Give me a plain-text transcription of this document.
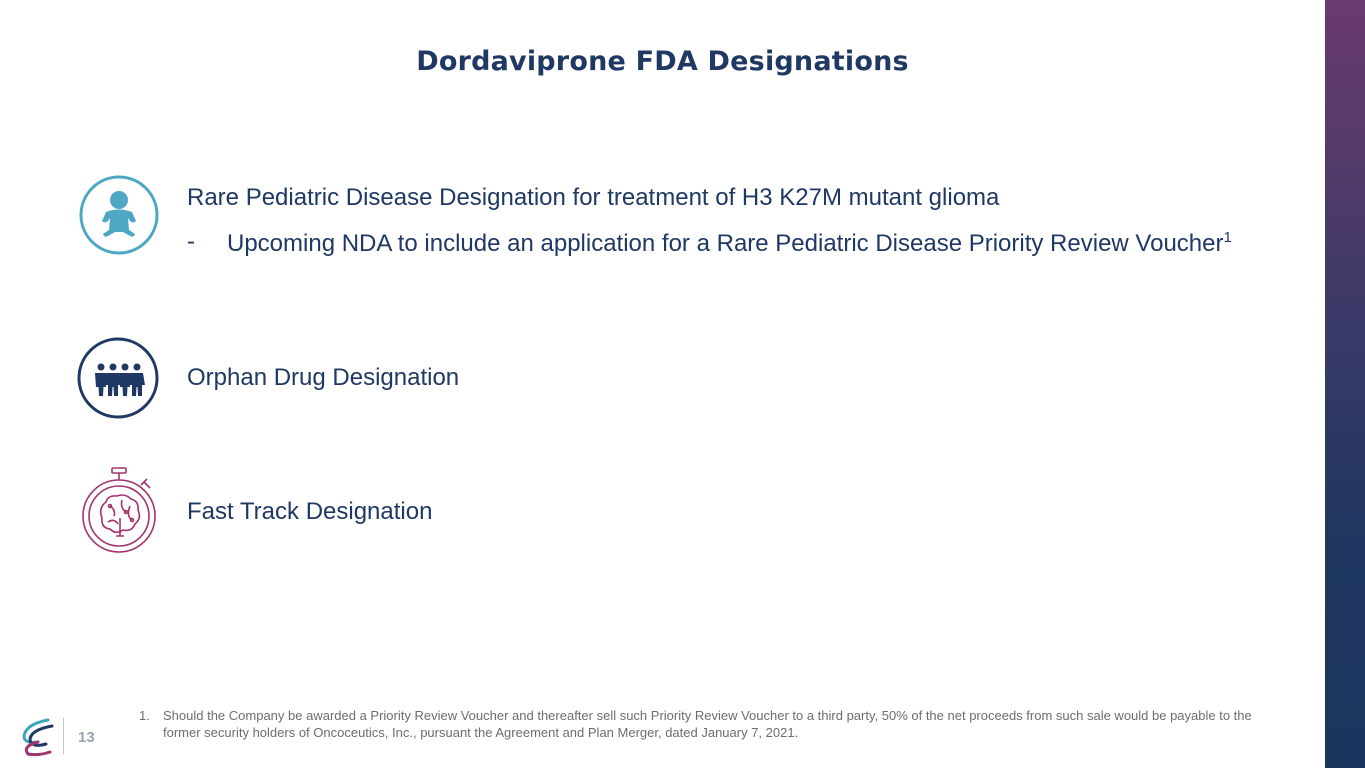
Dordaviprone FDA Designations
Rare Pediatric Disease Designation for treatment of H3 K27M mutant glioma
- Upcoming NDA to include an application for a Rare Pediatric Disease Priority Review Voucher$^1$
Orphan Drug Designation
Fast Track Designation
1. Should the Company be awarded a Priority Review Voucher and thereafter sell such Priority Review Voucher to a third party, 50% of the net proceeds from such sale would be payable to the former security holders of Oncoceutics, Inc., pursuant the Agreement and Plan Merger, dated January 7, 2021.
13
